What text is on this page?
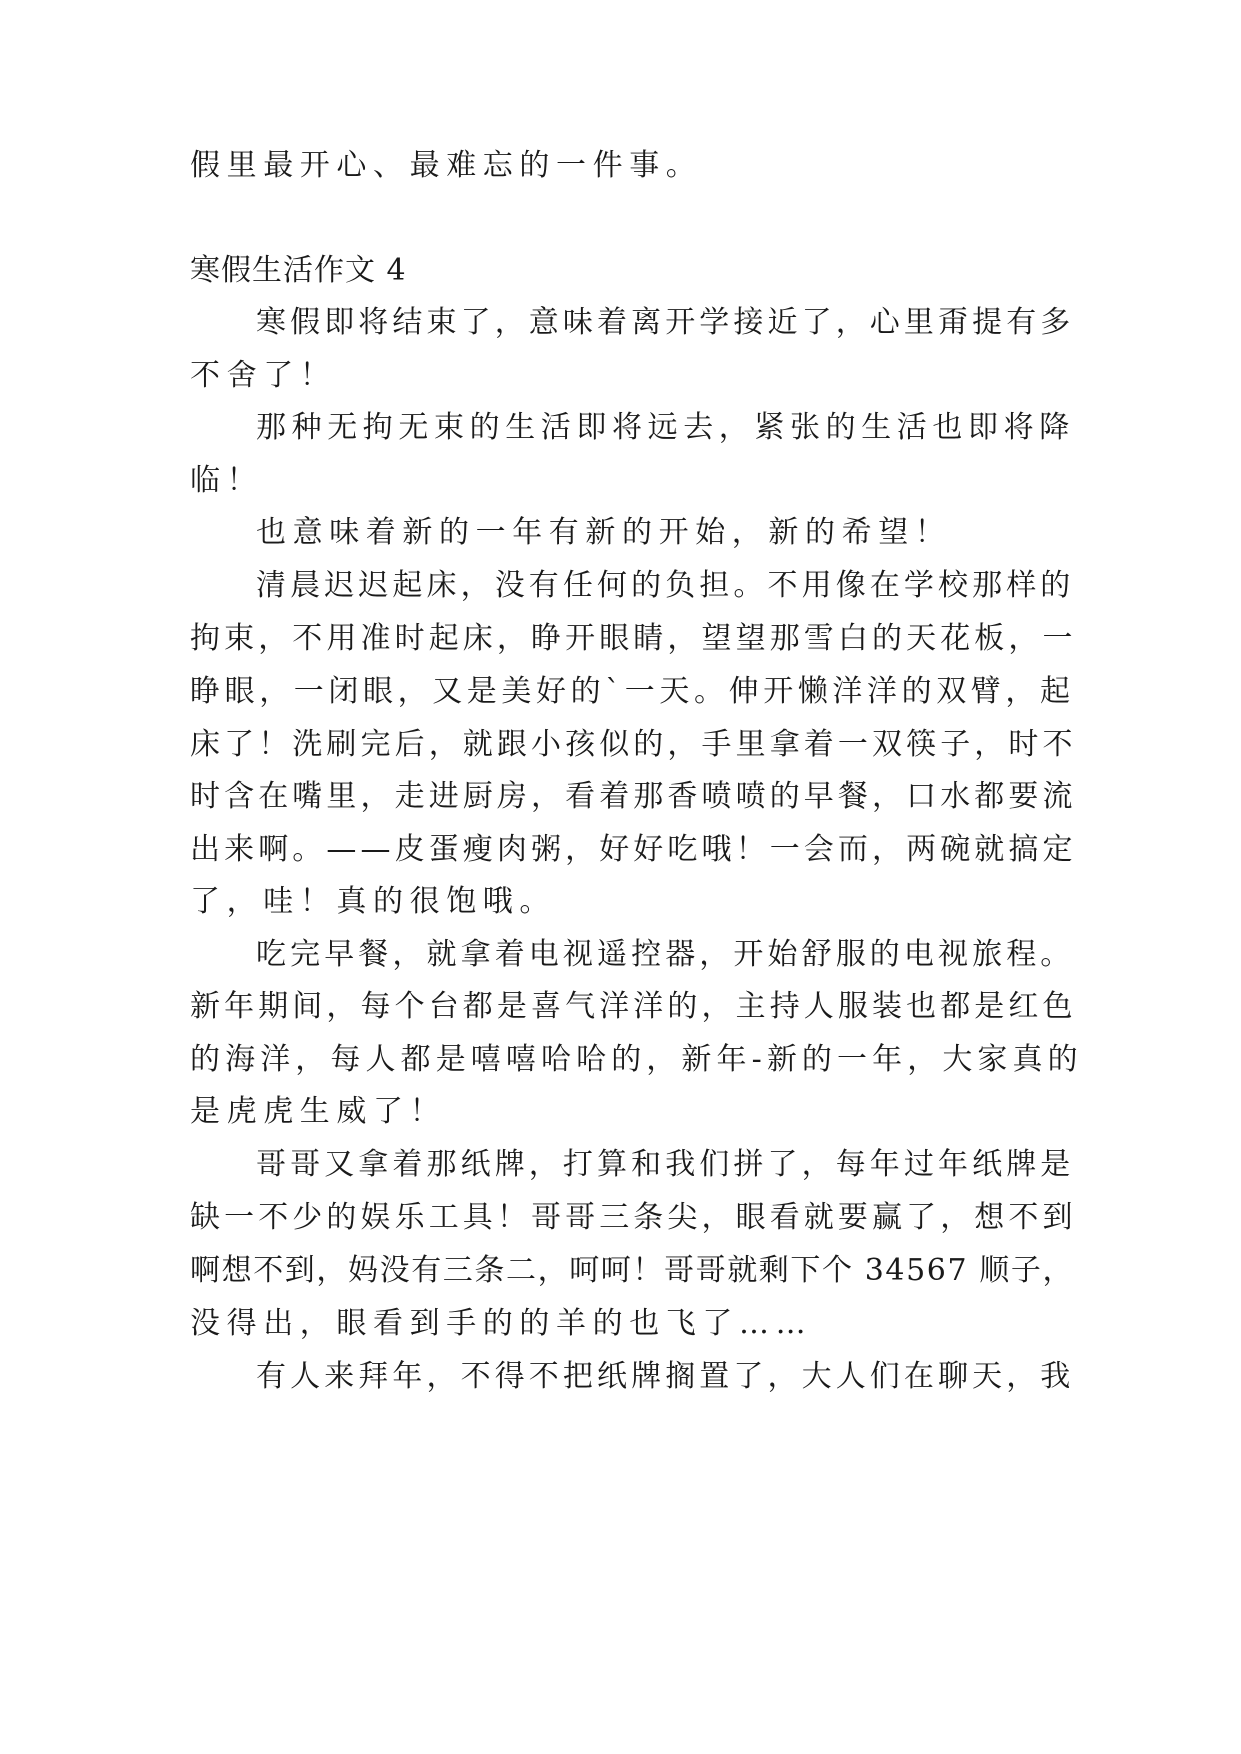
假里最开心、最难忘的一件事。

寒假生活作文 4

寒假即将结束了，意味着离开学接近了，心里甭提有多

不舍了！

那种无拘无束的生活即将远去，紧张的生活也即将降

临！

也意味着新的一年有新的开始，新的希望！

清晨迟迟起床，没有任何的负担。不用像在学校那样的

拘束，不用准时起床，睁开眼睛，望望那雪白的天花板，一

睁眼，一闭眼，又是美好的`一天。伸开懒洋洋的双臂，起

床了！洗刷完后，就跟小孩似的，手里拿着一双筷子，时不

时含在嘴里，走进厨房，看着那香喷喷的早餐，口水都要流

出来啊。——皮蛋瘦肉粥，好好吃哦！一会而，两碗就搞定

了，哇！真的很饱哦。

吃完早餐，就拿着电视遥控器，开始舒服的电视旅程。

新年期间，每个台都是喜气洋洋的，主持人服装也都是红色

的海洋，每人都是嘻嘻哈哈的，新年-新的一年，大家真的

是虎虎生威了！

哥哥又拿着那纸牌，打算和我们拼了，每年过年纸牌是

缺一不少的娱乐工具！哥哥三条尖，眼看就要赢了，想不到

啊想不到，妈没有三条二，呵呵！哥哥就剩下个 34567 顺子，

没得出，眼看到手的的羊的也飞了……

有人来拜年，不得不把纸牌搁置了，大人们在聊天，我
